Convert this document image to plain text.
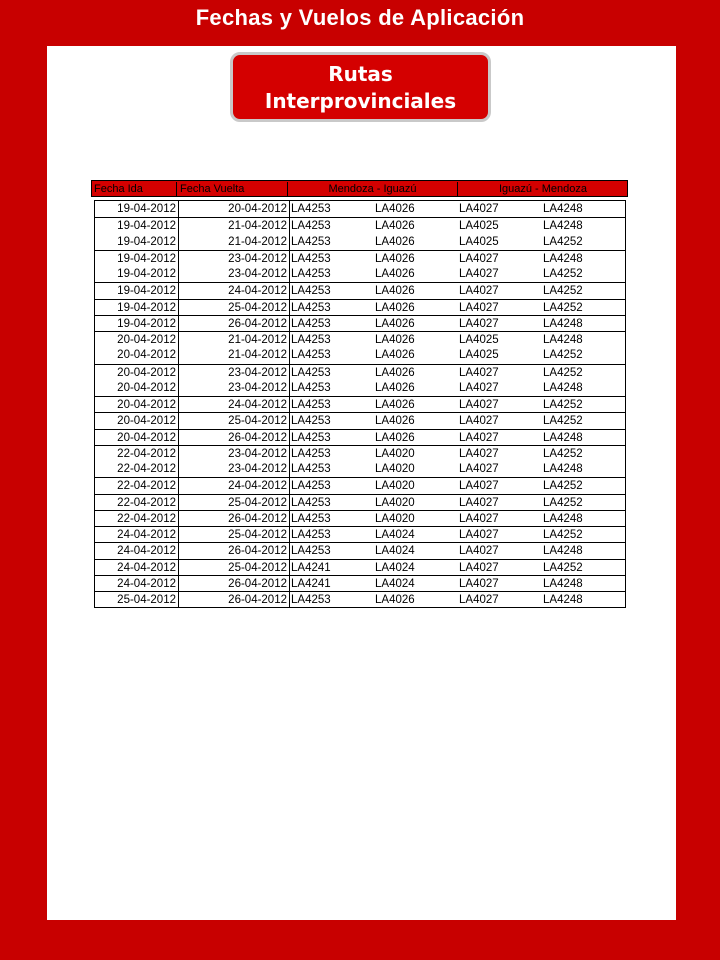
Fechas y Vuelos de Aplicación
Rutas
Interprovinciales
Fecha Ida	Fecha Vuelta	Mendoza - Iguazú	Iguazú - Mendoza
19-04-2012	20-04-2012 LA4253	LA4026	LA4027	LA4248
19-04-2012	21-04-2012 LA4253	LA4026	LA4025	LA4248
19-04-2012	21-04-2012 LA4253	LA4026	LA4025	LA4252
19-04-2012	23-04-2012 LA4253	LA4026	LA4027	LA4248
19-04-2012	23-04-2012 LA4253	LA4026	LA4027	LA4252
19-04-2012	24-04-2012 LA4253	LA4026	LA4027	LA4252
19-04-2012	25-04-2012 LA4253	LA4026	LA4027	LA4252
19-04-2012	26-04-2012 LA4253	LA4026	LA4027	LA4248
20-04-2012	21-04-2012 LA4253	LA4026	LA4025	LA4248
20-04-2012	21-04-2012 LA4253	LA4026	LA4025	LA4252
20-04-2012	23-04-2012 LA4253	LA4026	LA4027	LA4252
20-04-2012	23-04-2012 LA4253	LA4026	LA4027	LA4248
20-04-2012	24-04-2012 LA4253	LA4026	LA4027	LA4252
20-04-2012	25-04-2012 LA4253	LA4026	LA4027	LA4252
20-04-2012	26-04-2012 LA4253	LA4026	LA4027	LA4248
22-04-2012	23-04-2012 LA4253	LA4020	LA4027	LA4252
22-04-2012	23-04-2012 LA4253	LA4020	LA4027	LA4248
22-04-2012	24-04-2012 LA4253	LA4020	LA4027	LA4252
22-04-2012	25-04-2012 LA4253	LA4020	LA4027	LA4252
22-04-2012	26-04-2012 LA4253	LA4020	LA4027	LA4248
24-04-2012	25-04-2012 LA4253	LA4024	LA4027	LA4252
24-04-2012	26-04-2012 LA4253	LA4024	LA4027	LA4248
24-04-2012	25-04-2012 LA4241	LA4024	LA4027	LA4252
24-04-2012	26-04-2012 LA4241	LA4024	LA4027	LA4248
25-04-2012	26-04-2012 LA4253	LA4026	LA4027	LA4248
